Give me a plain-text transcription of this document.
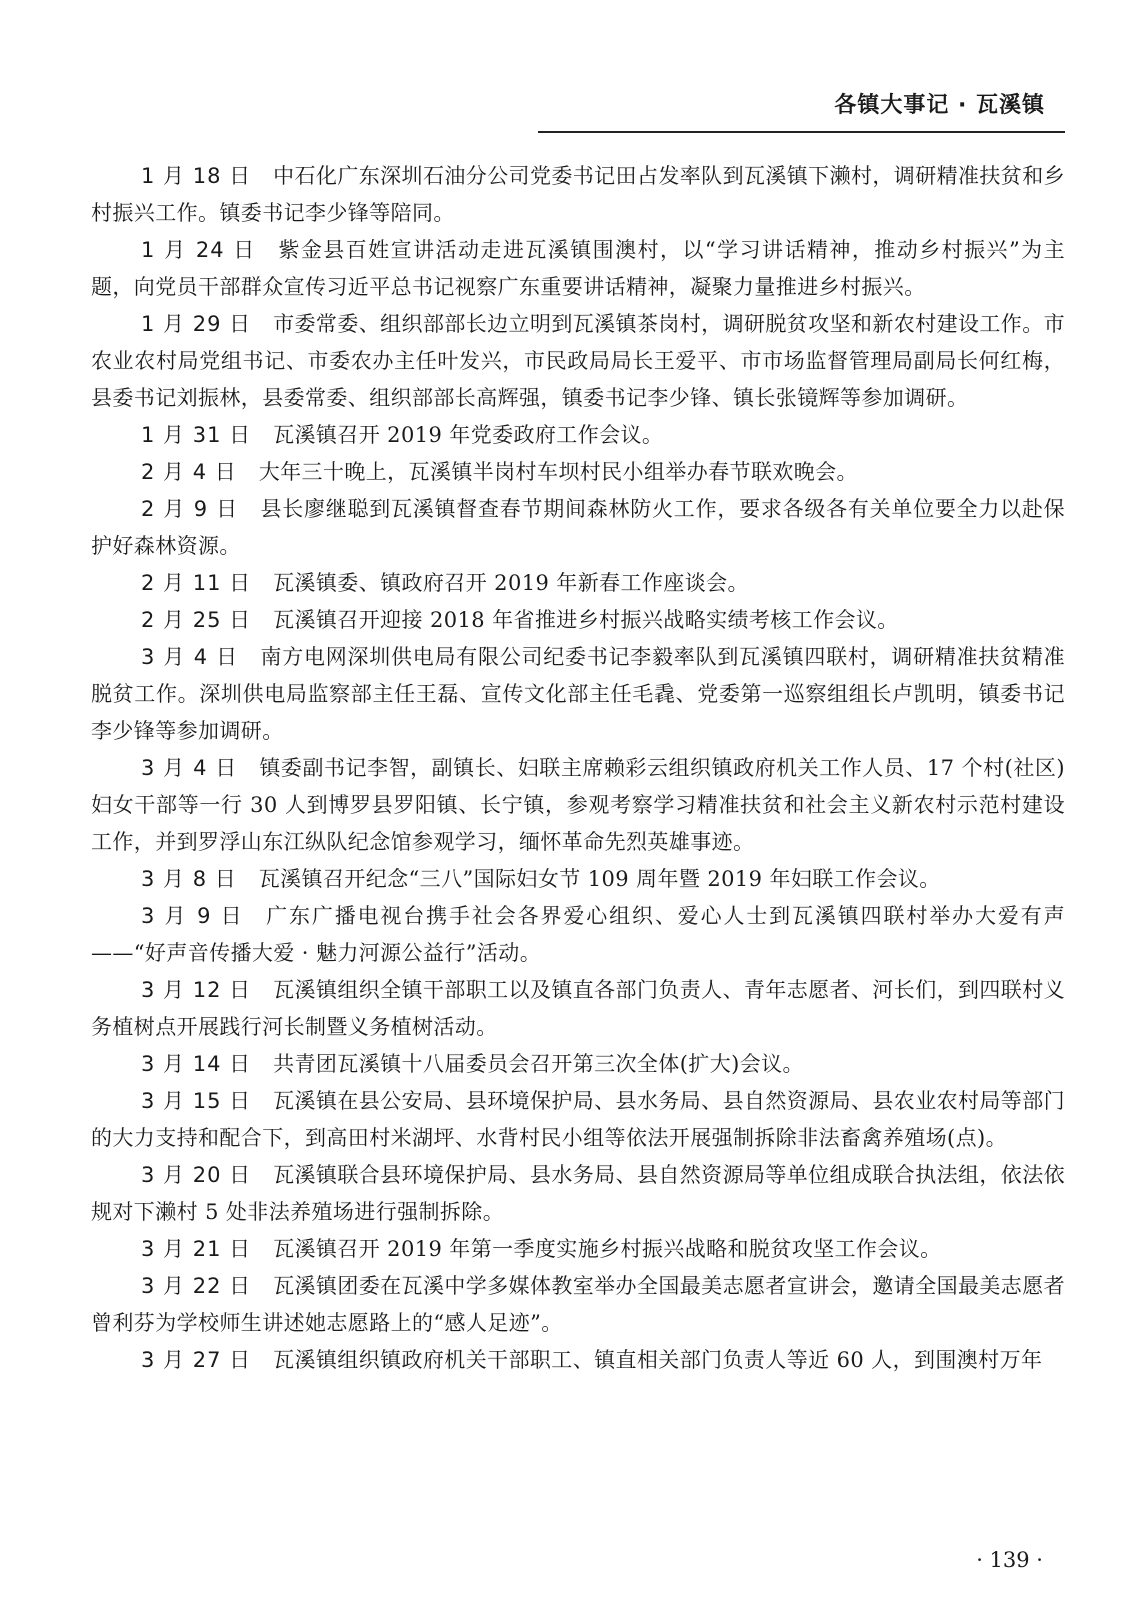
各镇大事记 · 瓦溪镇

1 月 18 日 中石化广东深圳石油分公司党委书记田占发率队到瓦溪镇下濑村，调研精准扶贫和乡村振兴工作。镇委书记李少锋等陪同。

1 月 24 日 紫金县百姓宣讲活动走进瓦溪镇围澳村，以“学习讲话精神，推动乡村振兴”为主题，向党员干部群众宣传习近平总书记视察广东重要讲话精神，凝聚力量推进乡村振兴。

1 月 29 日 市委常委、组织部部长边立明到瓦溪镇茶岗村，调研脱贫攻坚和新农村建设工作。市农业农村局党组书记、市委农办主任叶发兴，市民政局局长王爱平、市市场监督管理局副局长何红梅，县委书记刘振林，县委常委、组织部部长高辉强，镇委书记李少锋、镇长张镜辉等参加调研。

1 月 31 日 瓦溪镇召开 2019 年党委政府工作会议。

2 月 4 日 大年三十晚上，瓦溪镇半岗村车坝村民小组举办春节联欢晚会。

2 月 9 日 县长廖继聪到瓦溪镇督查春节期间森林防火工作，要求各级各有关单位要全力以赴保护好森林资源。

2 月 11 日 瓦溪镇委、镇政府召开 2019 年新春工作座谈会。

2 月 25 日 瓦溪镇召开迎接 2018 年省推进乡村振兴战略实绩考核工作会议。

3 月 4 日 南方电网深圳供电局有限公司纪委书记李毅率队到瓦溪镇四联村，调研精准扶贫精准脱贫工作。深圳供电局监察部主任王磊、宣传文化部主任毛毳、党委第一巡察组组长卢凯明，镇委书记李少锋等参加调研。

3 月 4 日 镇委副书记李智，副镇长、妇联主席赖彩云组织镇政府机关工作人员、17 个村(社区)妇女干部等一行 30 人到博罗县罗阳镇、长宁镇，参观考察学习精准扶贫和社会主义新农村示范村建设工作，并到罗浮山东江纵队纪念馆参观学习，缅怀革命先烈英雄事迹。

3 月 8 日 瓦溪镇召开纪念“三八”国际妇女节 109 周年暨 2019 年妇联工作会议。

3 月 9 日 广东广播电视台携手社会各界爱心组织、爱心人士到瓦溪镇四联村举办大爱有声——“好声音传播大爱 · 魅力河源公益行”活动。

3 月 12 日 瓦溪镇组织全镇干部职工以及镇直各部门负责人、青年志愿者、河长们，到四联村义务植树点开展践行河长制暨义务植树活动。

3 月 14 日 共青团瓦溪镇十八届委员会召开第三次全体(扩大)会议。

3 月 15 日 瓦溪镇在县公安局、县环境保护局、县水务局、县自然资源局、县农业农村局等部门的大力支持和配合下，到高田村米湖坪、水背村民小组等依法开展强制拆除非法畜禽养殖场(点)。

3 月 20 日 瓦溪镇联合县环境保护局、县水务局、县自然资源局等单位组成联合执法组，依法依规对下濑村 5 处非法养殖场进行强制拆除。

3 月 21 日 瓦溪镇召开 2019 年第一季度实施乡村振兴战略和脱贫攻坚工作会议。

3 月 22 日 瓦溪镇团委在瓦溪中学多媒体教室举办全国最美志愿者宣讲会，邀请全国最美志愿者曾利芬为学校师生讲述她志愿路上的“感人足迹”。

3 月 27 日 瓦溪镇组织镇政府机关干部职工、镇直相关部门负责人等近 60 人，到围澳村万年

· 139 ·
